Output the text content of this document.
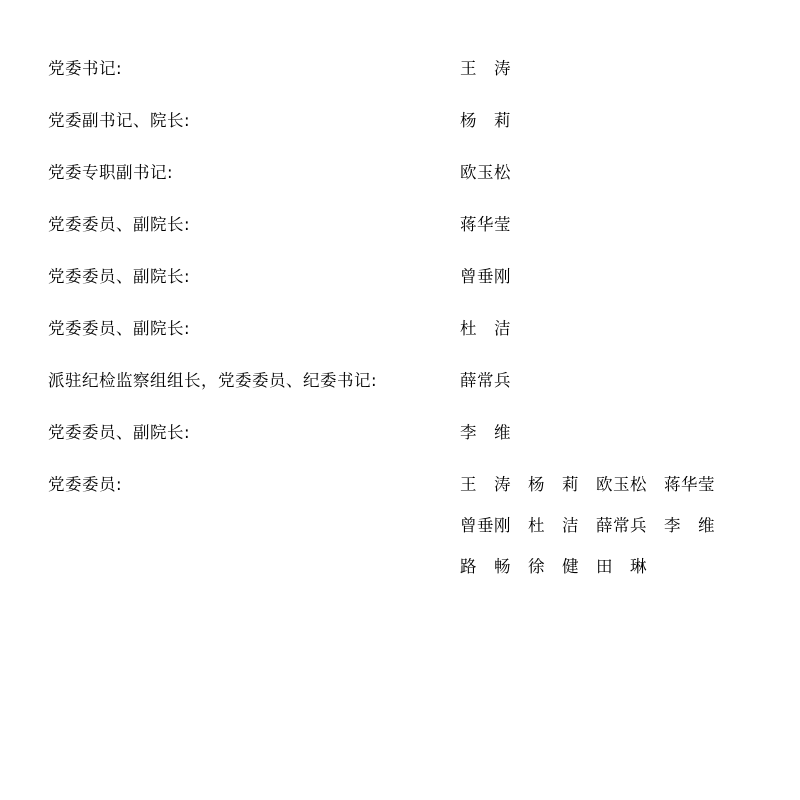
党委书记:	王　涛
党委副书记、院长:	杨　莉
党委专职副书记:	欧玉松
党委委员、副院长:	蒋华莹
党委委员、副院长:	曾垂刚
党委委员、副院长:	杜　洁
派驻纪检监察组组长，党委委员、纪委书记:	薛常兵
党委委员、副院长:	李　维
党委委员:	王　涛　杨　莉　欧玉松　蒋华莹
曾垂刚　杜　洁　薛常兵　李　维
路　畅　徐　健　田　琳
